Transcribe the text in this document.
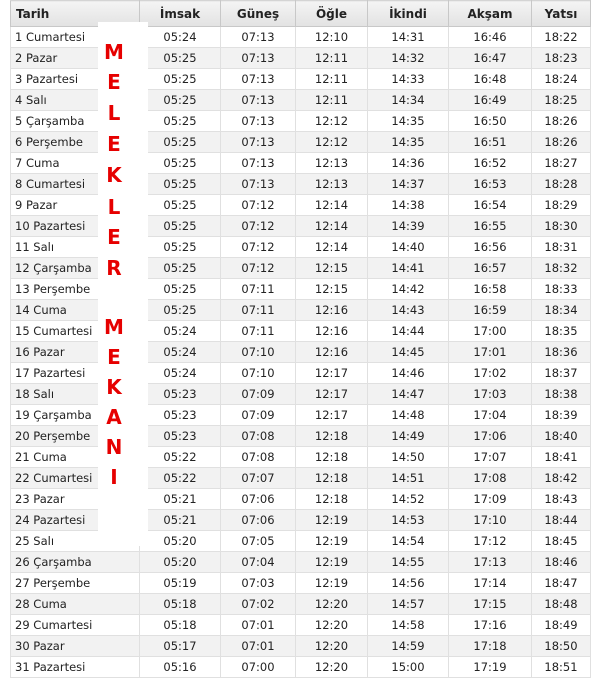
Tarih	İmsak	Güneş	Öğle	İkindi	Akşam	Yatsı
1 Cumartesi	05:24	07:13	12:10	14:31	16:46	18:22
2 Pazar	05:25	07:13	12:11	14:32	16:47	18:23
3 Pazartesi	05:25	07:13	12:11	14:33	16:48	18:24
4 Salı	05:25	07:13	12:11	14:34	16:49	18:25
5 Çarşamba	05:25	07:13	12:12	14:35	16:50	18:26
6 Perşembe	05:25	07:13	12:12	14:35	16:51	18:26
7 Cuma	05:25	07:13	12:13	14:36	16:52	18:27
8 Cumartesi	05:25	07:13	12:13	14:37	16:53	18:28
9 Pazar	05:25	07:12	12:14	14:38	16:54	18:29
10 Pazartesi	05:25	07:12	12:14	14:39	16:55	18:30
11 Salı	05:25	07:12	12:14	14:40	16:56	18:31
12 Çarşamba	05:25	07:12	12:15	14:41	16:57	18:32
13 Perşembe	05:25	07:11	12:15	14:42	16:58	18:33
14 Cuma	05:25	07:11	12:16	14:43	16:59	18:34
15 Cumartesi	05:24	07:11	12:16	14:44	17:00	18:35
16 Pazar	05:24	07:10	12:16	14:45	17:01	18:36
17 Pazartesi	05:24	07:10	12:17	14:46	17:02	18:37
18 Salı	05:23	07:09	12:17	14:47	17:03	18:38
19 Çarşamba	05:23	07:09	12:17	14:48	17:04	18:39
20 Perşembe	05:23	07:08	12:18	14:49	17:06	18:40
21 Cuma	05:22	07:08	12:18	14:50	17:07	18:41
22 Cumartesi	05:22	07:07	12:18	14:51	17:08	18:42
23 Pazar	05:21	07:06	12:18	14:52	17:09	18:43
24 Pazartesi	05:21	07:06	12:19	14:53	17:10	18:44
25 Salı	05:20	07:05	12:19	14:54	17:12	18:45
26 Çarşamba	05:20	07:04	12:19	14:55	17:13	18:46
27 Perşembe	05:19	07:03	12:19	14:56	17:14	18:47
28 Cuma	05:18	07:02	12:20	14:57	17:15	18:48
29 Cumartesi	05:18	07:01	12:20	14:58	17:16	18:49
30 Pazar	05:17	07:01	12:20	14:59	17:18	18:50
31 Pazartesi	05:16	07:00	12:20	15:00	17:19	18:51
M
E
L
E
K
L
E
R
M
E
K
A
N
I
